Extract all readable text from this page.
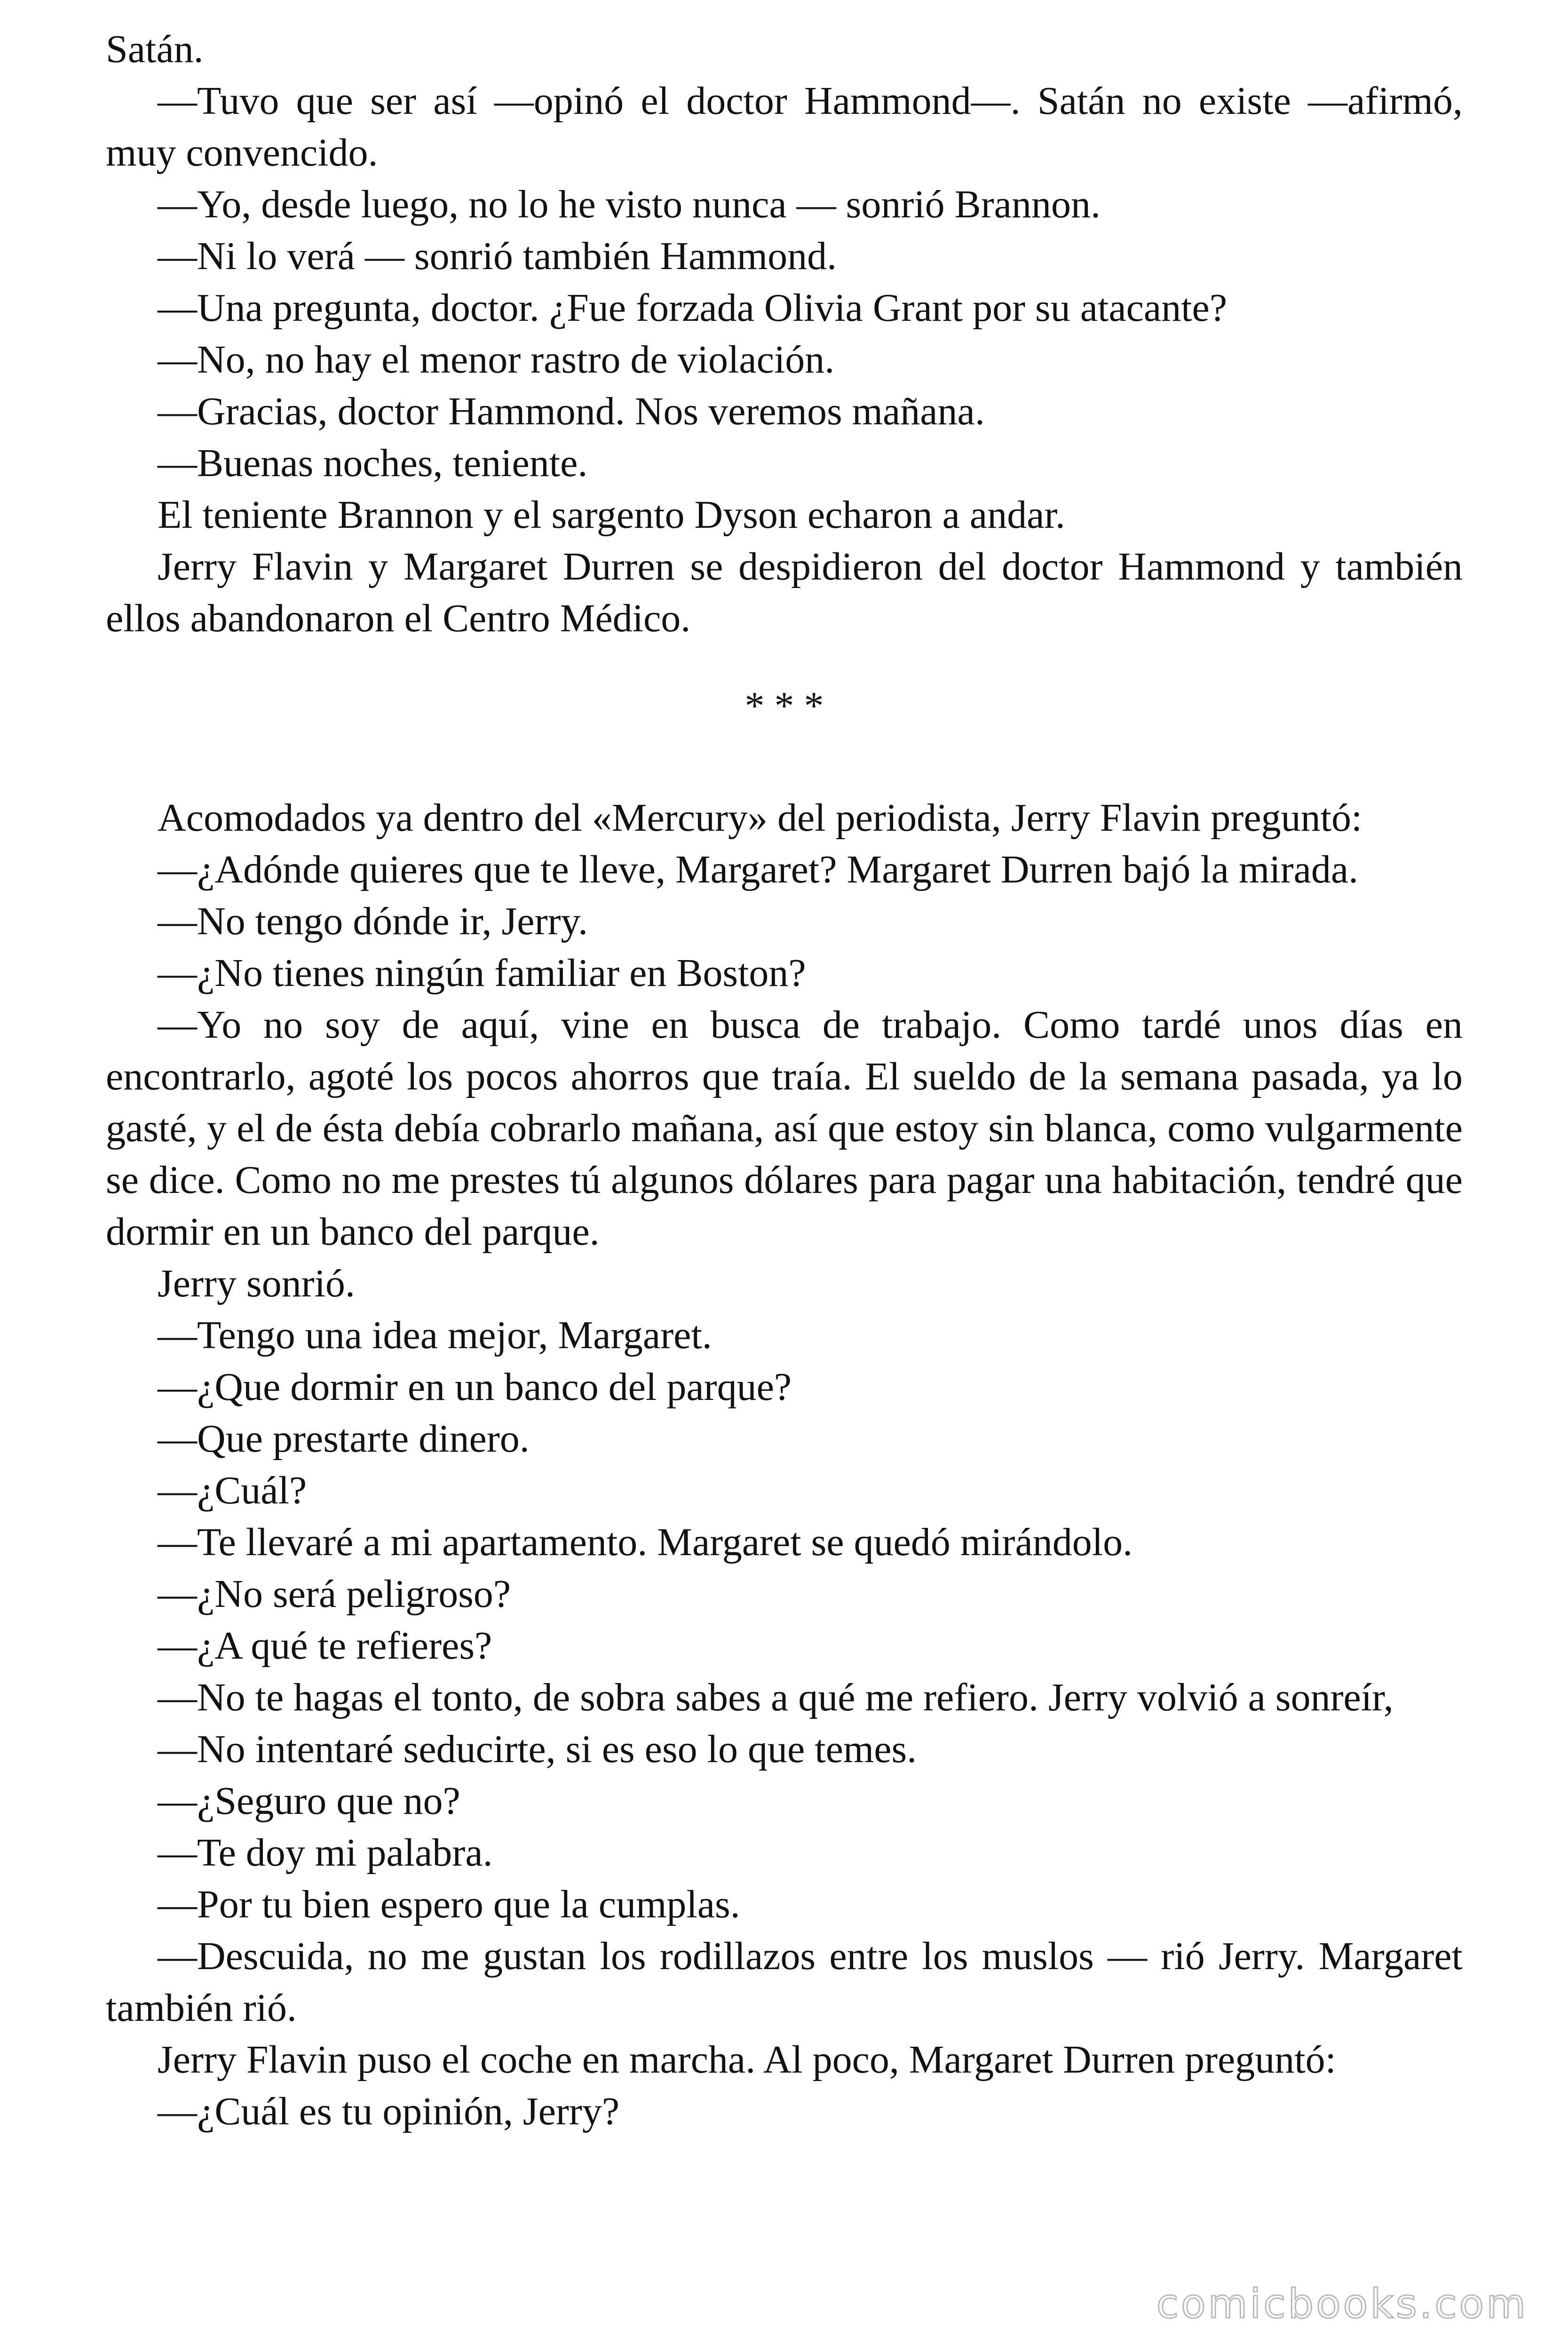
Satán.

—Tuvo que ser así —opinó el doctor Hammond—. Satán no existe —afirmó, muy convencido.

—Yo, desde luego, no lo he visto nunca — sonrió Brannon.

—Ni lo verá — sonrió también Hammond.

—Una pregunta, doctor. ¿Fue forzada Olivia Grant por su atacante?

—No, no hay el menor rastro de violación.

—Gracias, doctor Hammond. Nos veremos mañana.

—Buenas noches, teniente.

El teniente Brannon y el sargento Dyson echaron a andar.

Jerry Flavin y Margaret Durren se despidieron del doctor Hammond y también ellos abandonaron el Centro Médico.

* * *

Acomodados ya dentro del «Mercury» del periodista, Jerry Flavin preguntó:

—¿Adónde quieres que te lleve, Margaret? Margaret Durren bajó la mirada.

—No tengo dónde ir, Jerry.

—¿No tienes ningún familiar en Boston?

—Yo no soy de aquí, vine en busca de trabajo. Como tardé unos días en encontrarlo, agoté los pocos ahorros que traía. El sueldo de la semana pasada, ya lo gasté, y el de ésta debía cobrarlo mañana, así que estoy sin blanca, como vulgarmente se dice. Como no me prestes tú algunos dólares para pagar una habitación, tendré que dormir en un banco del parque.

Jerry sonrió.

—Tengo una idea mejor, Margaret.

—¿Que dormir en un banco del parque?

—Que prestarte dinero.

—¿Cuál?

—Te llevaré a mi apartamento. Margaret se quedó mirándolo.

—¿No será peligroso?

—¿A qué te refieres?

—No te hagas el tonto, de sobra sabes a qué me refiero. Jerry volvió a sonreír,

—No intentaré seducirte, si es eso lo que temes.

—¿Seguro que no?

—Te doy mi palabra.

—Por tu bien espero que la cumplas.

—Descuida, no me gustan los rodillazos entre los muslos — rió Jerry. Margaret también rió.

Jerry Flavin puso el coche en marcha. Al poco, Margaret Durren preguntó:

—¿Cuál es tu opinión, Jerry?

comicbooks.com
